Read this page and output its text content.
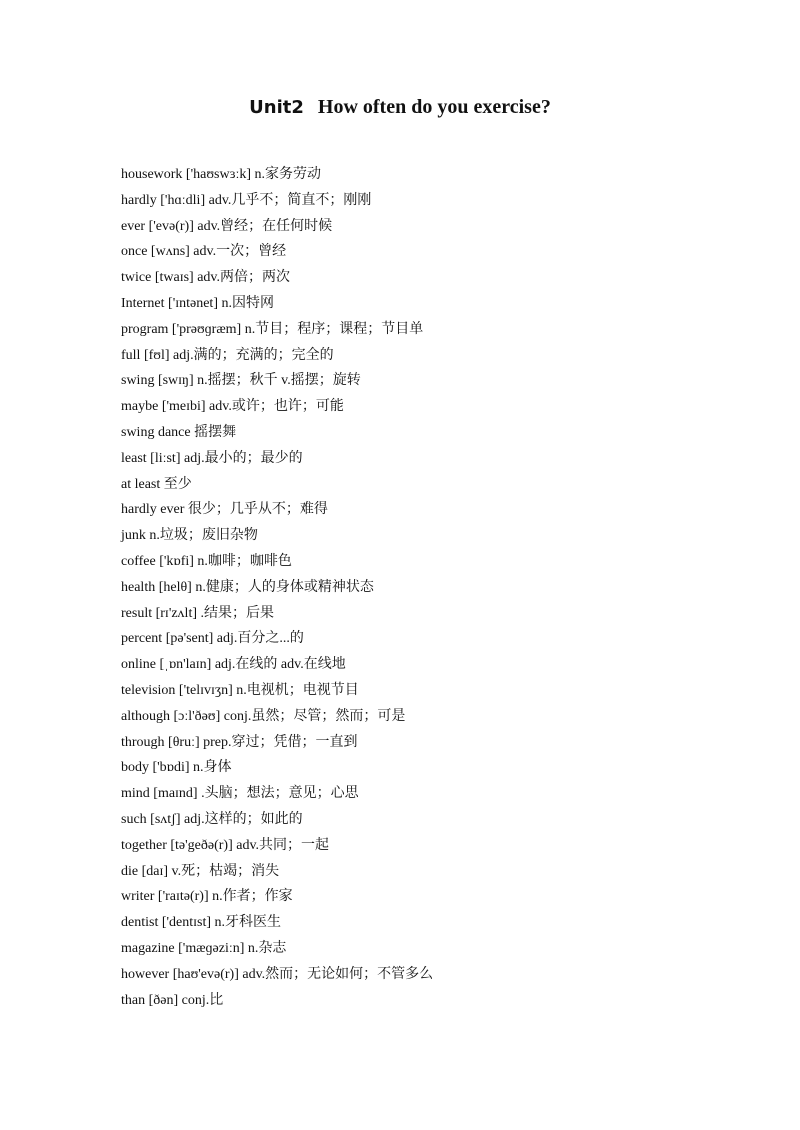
Unit2 How often do you exercise?
housework ['haʊswɜːk] n.家务劳动
hardly ['hɑːdli] adv.几乎不；简直不；刚刚
ever ['evə(r)] adv.曾经；在任何时候
once [wʌns] adv.一次；曾经
twice [twaɪs] adv.两倍；两次
Internet ['ɪntənet] n.因特网
program ['prəʊɡræm] n.节目；程序；课程；节目单
full [fʊl] adj.满的；充满的；完全的
swing [swɪŋ] n.摇摆；秋千 v.摇摆；旋转
maybe ['meɪbi] adv.或许；也许；可能
swing dance 摇摆舞
least [liːst] adj.最小的；最少的
at least 至少
hardly ever 很少；几乎从不；难得
junk n.垃圾；废旧杂物
coffee ['kɒfi] n.咖啡；咖啡色
health [helθ] n.健康；人的身体或精神状态
result [rɪ'zʌlt] .结果；后果
percent [pə'sent] adj.百分之...的
online [ˌɒn'laɪn] adj.在线的 adv.在线地
television ['telɪvɪʒn] n.电视机；电视节目
although [ɔːl'ðəʊ] conj.虽然；尽管；然而；可是
through [θruː] prep.穿过；凭借；一直到
body ['bɒdi] n.身体
mind [maɪnd] .头脑；想法；意见；心思
such [sʌtʃ] adj.这样的；如此的
together [tə'geðə(r)] adv.共同；一起
die [daɪ] v.死；枯竭；消失
writer ['raɪtə(r)] n.作者；作家
dentist ['dentɪst] n.牙科医生
magazine ['mæɡəziːn] n.杂志
however [haʊ'evə(r)] adv.然而；无论如何；不管多么
than [ðən] conj.比
